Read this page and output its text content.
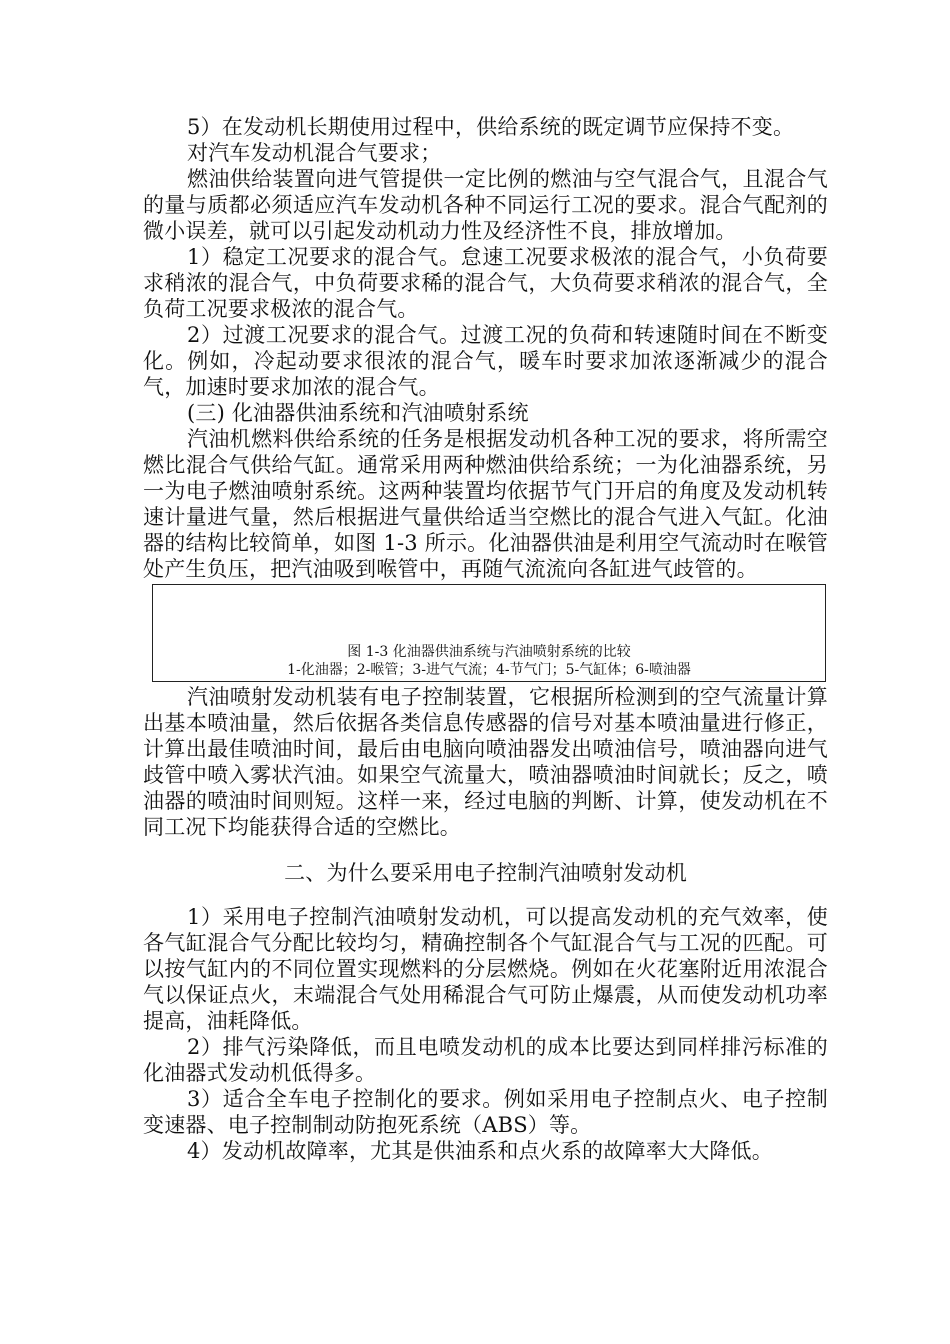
5）在发动机长期使用过程中，供给系统的既定调节应保持不变。

对汽车发动机混合气要求；

燃油供给装置向进气管提供一定比例的燃油与空气混合气，且混合气的量与质都必须适应汽车发动机各种不同运行工况的要求。混合气配剂的微小误差，就可以引起发动机动力性及经济性不良，排放增加。

1）稳定工况要求的混合气。怠速工况要求极浓的混合气，小负荷要求稍浓的混合气，中负荷要求稀的混合气，大负荷要求稍浓的混合气，全负荷工况要求极浓的混合气。

2）过渡工况要求的混合气。过渡工况的负荷和转速随时间在不断变化。例如，冷起动要求很浓的混合气，暖车时要求加浓逐渐减少的混合气，加速时要求加浓的混合气。

(三) 化油器供油系统和汽油喷射系统

汽油机燃料供给系统的任务是根据发动机各种工况的要求，将所需空燃比混合气供给气缸。通常采用两种燃油供给系统；一为化油器系统，另一为电子燃油喷射系统。这两种装置均依据节气门开启的角度及发动机转速计量进气量，然后根据进气量供给适当空燃比的混合气进入气缸。化油器的结构比较简单，如图 1-3 所示。化油器供油是利用空气流动时在喉管处产生负压，把汽油吸到喉管中，再随气流流向各缸进气歧管的。

图 1-3 化油器供油系统与汽油喷射系统的比较
1-化油器；2-喉管；3-进气气流；4-节气门；5-气缸体；6-喷油器

汽油喷射发动机装有电子控制装置，它根据所检测到的空气流量计算出基本喷油量，然后依据各类信息传感器的信号对基本喷油量进行修正，计算出最佳喷油时间，最后由电脑向喷油器发出喷油信号，喷油器向进气歧管中喷入雾状汽油。如果空气流量大，喷油器喷油时间就长；反之，喷油器的喷油时间则短。这样一来，经过电脑的判断、计算，使发动机在不同工况下均能获得合适的空燃比。

二、为什么要采用电子控制汽油喷射发动机

1）采用电子控制汽油喷射发动机，可以提高发动机的充气效率，使各气缸混合气分配比较均匀，精确控制各个气缸混合气与工况的匹配。可以按气缸内的不同位置实现燃料的分层燃烧。例如在火花塞附近用浓混合气以保证点火，末端混合气处用稀混合气可防止爆震，从而使发动机功率提高，油耗降低。

2）排气污染降低，而且电喷发动机的成本比要达到同样排污标准的化油器式发动机低得多。

3）适合全车电子控制化的要求。例如采用电子控制点火、电子控制变速器、电子控制制动防抱死系统（ABS）等。

4）发动机故障率，尤其是供油系和点火系的故障率大大降低。
